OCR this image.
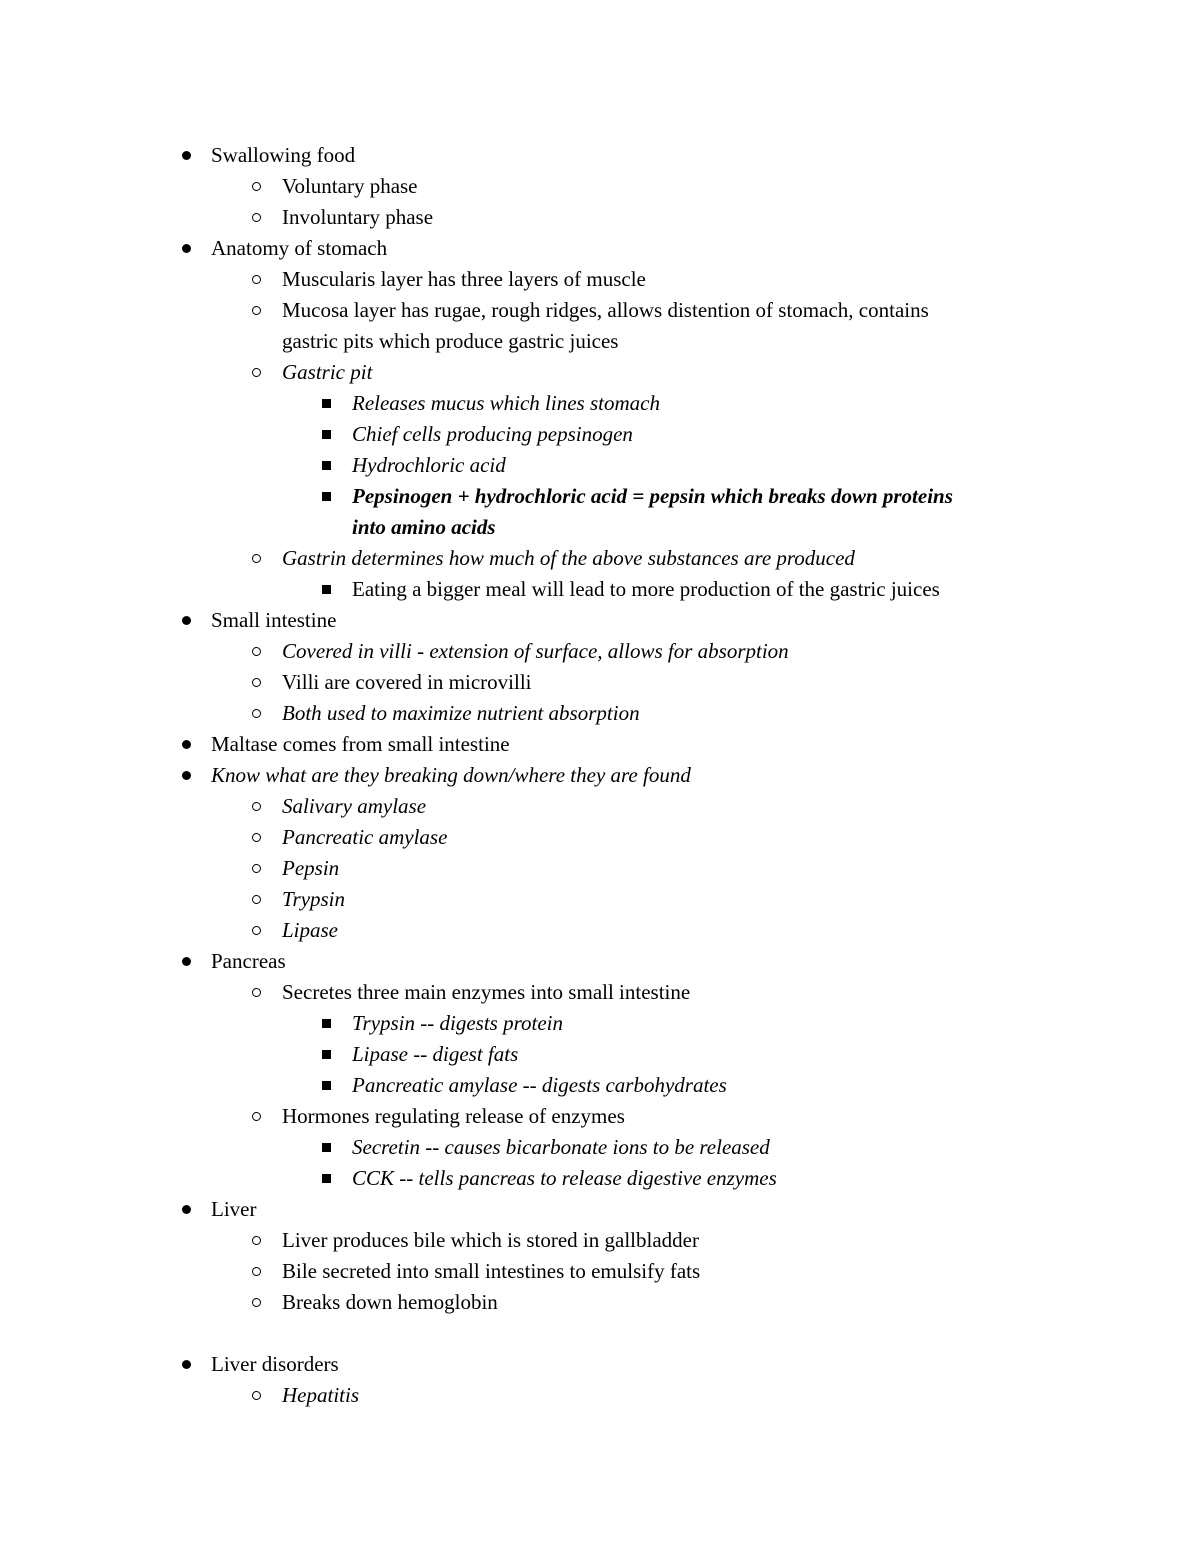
Swallowing food
Voluntary phase
Involuntary phase
Anatomy of stomach
Muscularis layer has three layers of muscle
Mucosa layer has rugae, rough ridges, allows distention of stomach, contains
gastric pits which produce gastric juices
Gastric pit
Releases mucus which lines stomach
Chief cells producing pepsinogen
Hydrochloric acid
Pepsinogen + hydrochloric acid = pepsin which breaks down proteins
into amino acids
Gastrin determines how much of the above substances are produced
Eating a bigger meal will lead to more production of the gastric juices
Small intestine
Covered in villi - extension of surface, allows for absorption
Villi are covered in microvilli
Both used to maximize nutrient absorption
Maltase comes from small intestine
Know what are they breaking down/where they are found
Salivary amylase
Pancreatic amylase
Pepsin
Trypsin
Lipase
Pancreas
Secretes three main enzymes into small intestine
Trypsin -- digests protein
Lipase -- digest fats
Pancreatic amylase -- digests carbohydrates
Hormones regulating release of enzymes
Secretin -- causes bicarbonate ions to be released
CCK -- tells pancreas to release digestive enzymes
Liver
Liver produces bile which is stored in gallbladder
Bile secreted into small intestines to emulsify fats
Breaks down hemoglobin
Liver disorders
Hepatitis
